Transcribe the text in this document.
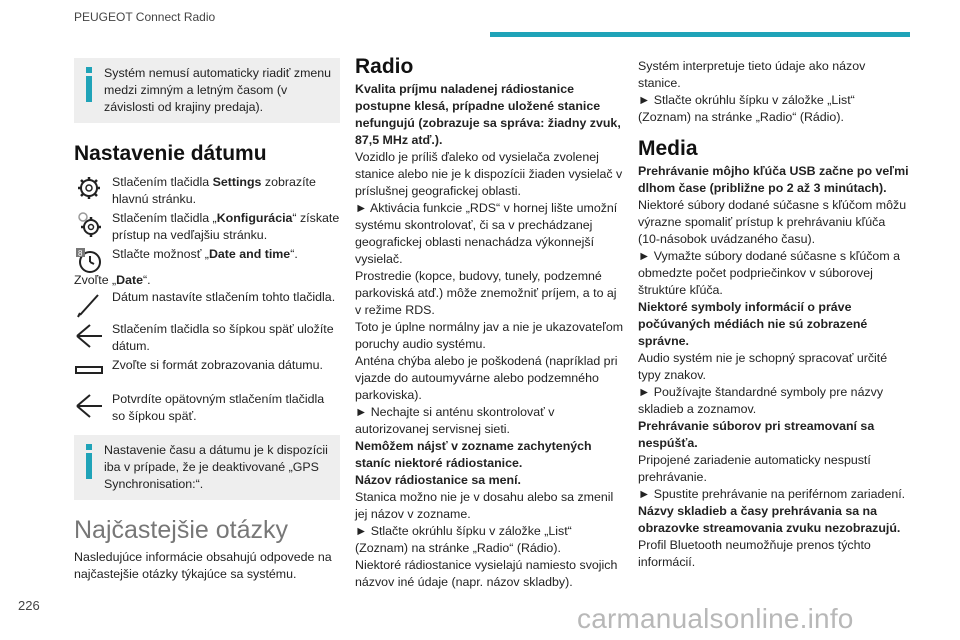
PEUGEOT Connect Radio
Systém nemusí automaticky riadiť zmenu medzi zimným a letným časom (v závislosti od krajiny predaja).
Nastavenie dátumu

Stlačením tlačidla Settings zobrazíte hlavnú stránku.

Stlačením tlačidla „Konfigurácia“ získate prístup na vedľajšiu stránku.

8 Stlačte možnosť „Date and time“.

Zvoľte „Date“.

Dátum nastavíte stlačením tohto tlačidla.

Stlačením tlačidla so šípkou späť uložíte dátum.

Zvoľte si formát zobrazovania dátumu.

Potvrdíte opätovným stlačením tlačidla so šípkou späť.

Nastavenie času a dátumu je k dispozícii iba v prípade, že je deaktivované „GPS Synchronisation:“.
Najčastejšie otázky

Nasledujúce informácie obsahujú odpovede na najčastejšie otázky týkajúce sa systému.

Radio

Kvalita príjmu naladenej rádiostanice postupne klesá, prípadne uložené stanice nefungujú (zobrazuje sa správa: žiadny zvuk, 87,5 MHz atď.).

Vozidlo je príliš ďaleko od vysielača zvolenej stanice alebo nie je k dispozícii žiaden vysielač v príslušnej geografickej oblasti.

► Aktivácia funkcie „RDS“ v hornej lište umožní systému skontrolovať, či sa v prechádzanej geografickej oblasti nenachádza výkonnejší vysielač.

Prostredie (kopce, budovy, tunely, podzemné parkoviská atď.) môže znemožniť príjem, a to aj v režime RDS.

Toto je úplne normálny jav a nie je ukazovateľom poruchy audio systému.

Anténa chýba alebo je poškodená (napríklad pri vjazde do autoumyvárne alebo podzemného parkoviska).

► Nechajte si anténu skontrolovať v autorizovanej servisnej sieti.

Nemôžem nájsť v zozname zachytených staníc niektoré rádiostanice.

Názov rádiostanice sa mení.

Stanica možno nie je v dosahu alebo sa zmenil jej názov v zozname.

► Stlačte okrúhlu šípku v záložke „List“ (Zoznam) na stránke „Radio“ (Rádio).

Niektoré rádiostanice vysielajú namiesto svojich názvov iné údaje (napr. názov skladby).

Systém interpretuje tieto údaje ako názov stanice.

► Stlačte okrúhlu šípku v záložke „List“ (Zoznam) na stránke „Radio“ (Rádio).

Media

Prehrávanie môjho kľúča USB začne po veľmi dlhom čase (približne po 2 až 3 minútach).

Niektoré súbory dodané súčasne s kľúčom môžu výrazne spomaliť prístup k prehrávaniu kľúča (10-násobok uvádzaného času).

► Vymažte súbory dodané súčasne s kľúčom a obmedzte počet podpriečinkov v súborovej štruktúre kľúča.

Niektoré symboly informácií o práve počúvaných médiách nie sú zobrazené správne.

Audio systém nie je schopný spracovať určité typy znakov.

► Používajte štandardné symboly pre názvy skladieb a zoznamov.

Prehrávanie súborov pri streamovaní sa nespúšťa.

Pripojené zariadenie automaticky nespustí prehrávanie.

► Spustite prehrávanie na periférnom zariadení.

Názvy skladieb a časy prehrávania sa na obrazovke streamovania zvuku nezobrazujú.

Profil Bluetooth neumožňuje prenos týchto informácií.

226	carmanualsonline.info
